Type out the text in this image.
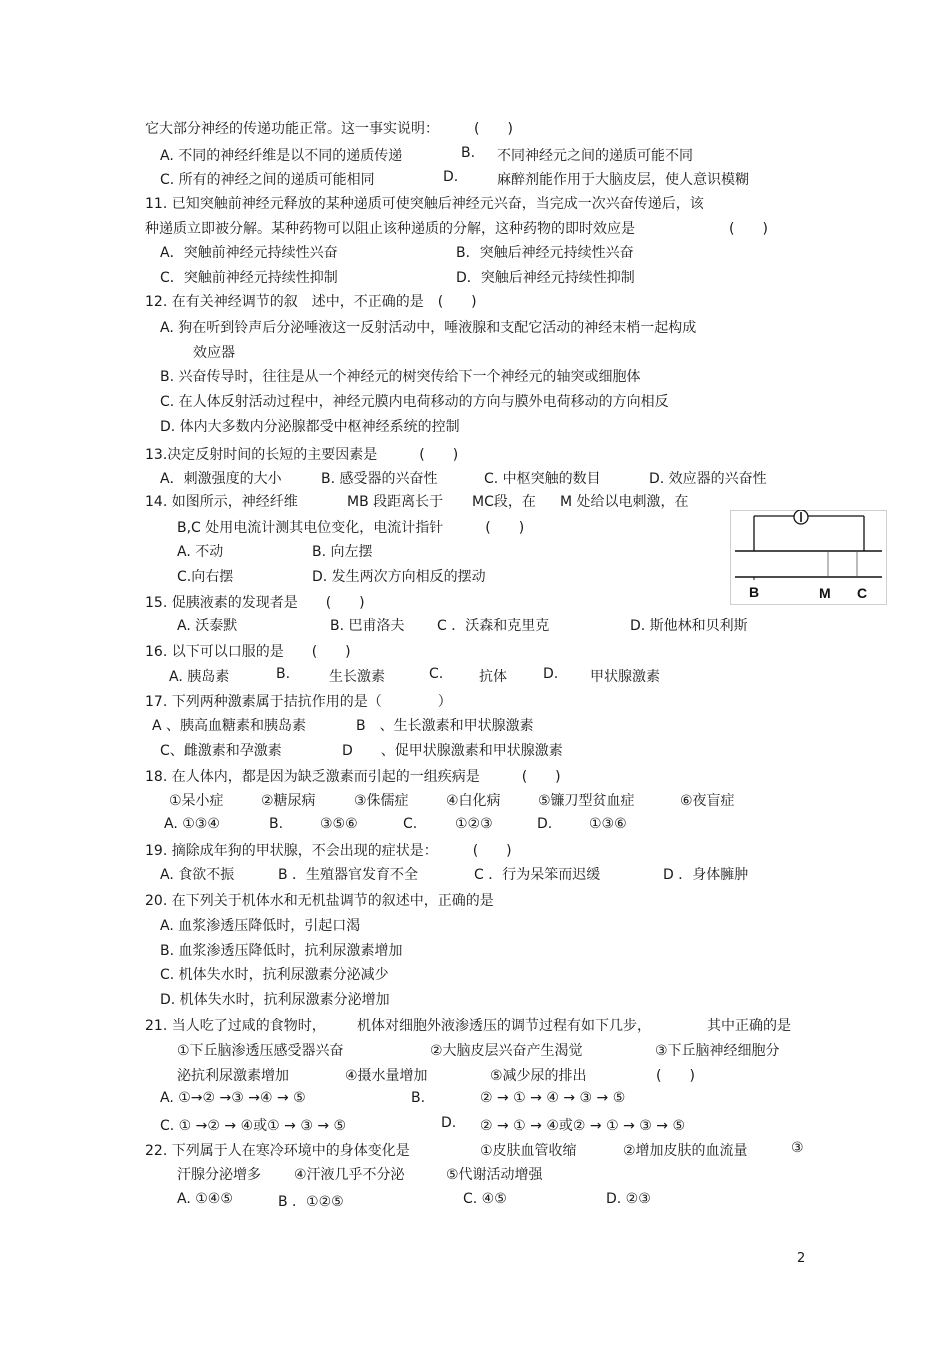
它大部分神经的传递功能正常。这一事实说明：　　　(　　)
A. 不同的神经纤维是以不同的递质传递	B. 不同神经元之间的递质可能不同
C. 所有的神经之间的递质可能相同	D.	麻醉剂能作用于大脑皮层，使人意识模糊
11. 已知突触前神经元释放的某种递质可使突触后神经元兴奋，当完成一次兴奋传递后，该
种递质立即被分解。某种药物可以阻止该种递质的分解，这种药物的即时效应是	(　　)
A．突触前神经元持续性兴奋	B．突触后神经元持续性兴奋
C．突触前神经元持续性抑制	D．突触后神经元持续性抑制
12. 在有关神经调节的叙　述中，不正确的是　(　　)
A. 狗在听到铃声后分泌唾液这一反射活动中，唾液腺和支配它活动的神经末梢一起构成
效应器
B. 兴奋传导时，往往是从一个神经元的树突传给下一个神经元的轴突或细胞体
C. 在人体反射活动过程中，神经元膜内电荷移动的方向与膜外电荷移动的方向相反
D. 体内大多数内分泌腺都受中枢神经系统的控制
13.决定反射时间的长短的主要因素是　　　(　　)
A．刺激强度的大小	B. 感受器的兴奋性	C. 中枢突触的数目	D. 效应器的兴奋性
14. 如图所示，神经纤维	MB 段距离长于 MC段，在 M 处给以电刺激，在
B,C 处用电流计测其电位变化，电流计指针　　　(　　)
A. 不动	B. 向左摆
C.向右摆	D. 发生两次方向相反的摆动
B	M C
15. 促胰液素的发现者是　　(　　)
A. 沃泰默	B. 巴甫洛夫 C ．沃森和克里克	D. 斯他林和贝利斯
16. 以下可以口服的是　　(　　)
A. 胰岛素	B.	生长激素	C.	抗体	D. 甲状腺激素
17. 下列两种激素属于拮抗作用的是（　　　　）
A 、胰高血糖素和胰岛素	B　、生长激素和甲状腺激素
C、雌激素和孕激素	D　　、促甲状腺激素和甲状腺激素
18. 在人体内，都是因为缺乏激素而引起的一组疾病是　　　(　　)
①呆小症	②糖尿病	③侏儒症	④白化病	⑤镰刀型贫血症	⑥夜盲症
A. ①③④	B.	③⑤⑥	C.	①②③	D.	①③⑥
19. 摘除成年狗的甲状腺，不会出现的症状是：　　　(　　)
A. 食欲不振	B ．生殖器官发育不全	C ．行为呆笨而迟缓	D ．身体臃肿
20. 在下列关于机体水和无机盐调节的叙述中，正确的是
A. 血浆渗透压降低时，引起口渴
B. 血浆渗透压降低时，抗利尿激素增加
C. 机体失水时，抗利尿激素分泌减少
D. 机体失水时，抗利尿激素分泌增加
21. 当人吃了过咸的食物时， 机体对细胞外液渗透压的调节过程有如下几步，	其中正确的是
①下丘脑渗透压感受器兴奋	②大脑皮层兴奋产生渴觉	③下丘脑神经细胞分
泌抗利尿激素增加	④摄水量增加	⑤减少尿的排出	(　　)
A. ①→② →③ →④ → ⑤	B.	② → ① → ④ → ③ → ⑤
C. ① →② → ④或① → ③ → ⑤	D. ② → ① → ④或② → ① → ③ → ⑤
22. 下列属于人在寒冷环境中的身体变化是	①皮肤血管收缩	②增加皮肤的血流量	③
汗腺分泌增多 ④汗液几乎不分泌	⑤代谢活动增强
A. ①④⑤	B ．①②⑤	C. ④⑤	D. ②③
2
